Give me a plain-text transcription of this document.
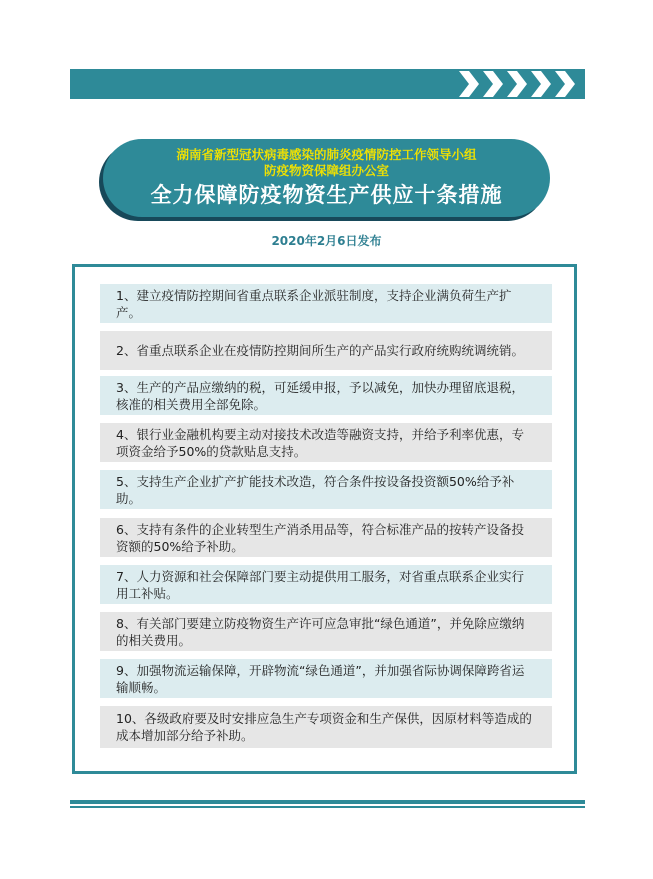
湖南省新型冠状病毒感染的肺炎疫情防控工作领导小组
防疫物资保障组办公室
全力保障防疫物资生产供应十条措施
2020年2月6日发布
1、建立疫情防控期间省重点联系企业派驻制度，支持企业满负荷生产扩产。
2、省重点联系企业在疫情防控期间所生产的产品实行政府统购统调统销。
3、生产的产品应缴纳的税，可延缓申报，予以减免，加快办理留底退税，核准的相关费用全部免除。
4、银行业金融机构要主动对接技术改造等融资支持，并给予利率优惠，专项资金给予50%的贷款贴息支持。
5、支持生产企业扩产扩能技术改造，符合条件按设备投资额50%给予补助。
6、支持有条件的企业转型生产消杀用品等，符合标准产品的按转产设备投资额的50%给予补助。
7、人力资源和社会保障部门要主动提供用工服务，对省重点联系企业实行用工补贴。
8、有关部门要建立防疫物资生产许可应急审批“绿色通道”，并免除应缴纳的相关费用。
9、加强物流运输保障，开辟物流“绿色通道”，并加强省际协调保障跨省运输顺畅。
10、各级政府要及时安排应急生产专项资金和生产保供，因原材料等造成的成本增加部分给予补助。
